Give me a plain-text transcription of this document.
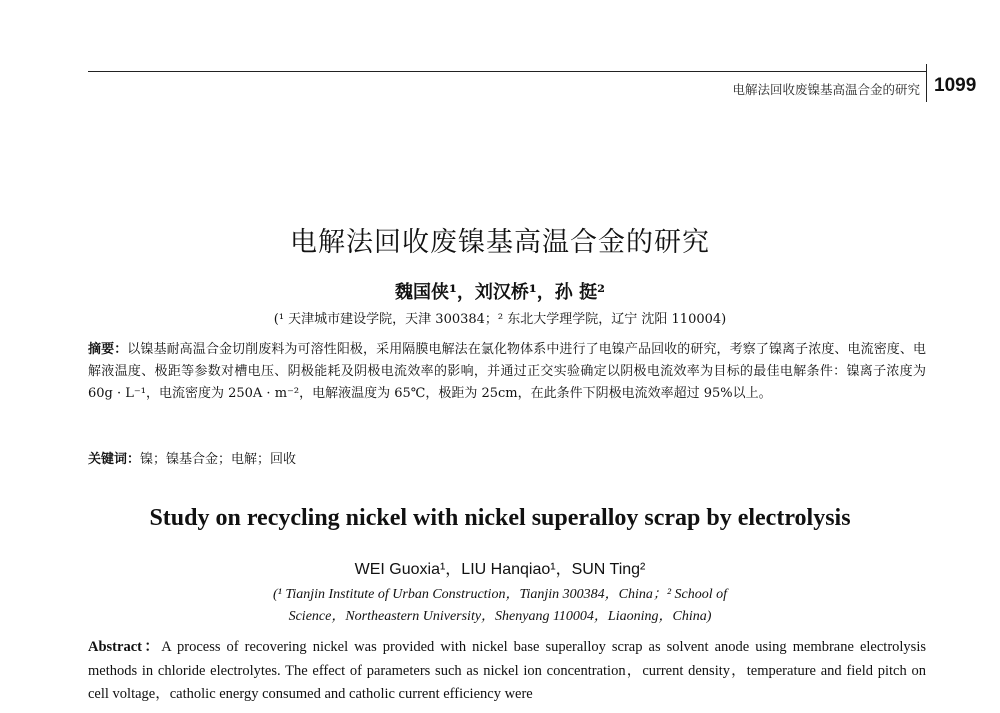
电解法回收废镍基高温合金的研究 1099
电解法回收废镍基高温合金的研究
魏国侠¹，刘汉桥¹，孙 挺²
(¹ 天津城市建设学院，天津 300384；² 东北大学理学院，辽宁 沈阳 110004)
摘要：以镍基耐高温合金切削废料为可溶性阳极，采用隔膜电解法在氯化物体系中进行了电镍产品回收的研究，考察了镍离子浓度、电流密度、电解液温度、极距等参数对槽电压、阴极能耗及阴极电流效率的影响，并通过正交实验确定以阴极电流效率为目标的最佳电解条件：镍离子浓度为 60g · L⁻¹，电流密度为 250A · m⁻²，电解液温度为 65℃，极距为 25cm，在此条件下阴极电流效率超过 95%以上。
关键词：镍；镍基合金；电解；回收
Study on recycling nickel with nickel superalloy scrap by electrolysis
WEI Guoxia¹，LIU Hanqiao¹，SUN Ting²
(¹ Tianjin Institute of Urban Construction，Tianjin 300384，China；² School of
Science，Northeastern University，Shenyang 110004，Liaoning，China)
Abstract：A process of recovering nickel was provided with nickel base superalloy scrap as solvent anode using membrane electrolysis methods in chloride electrolytes. The effect of parameters such as nickel ion concentration，current density，temperature and field pitch on cell voltage，catholic energy consumed and catholic current efficiency were
